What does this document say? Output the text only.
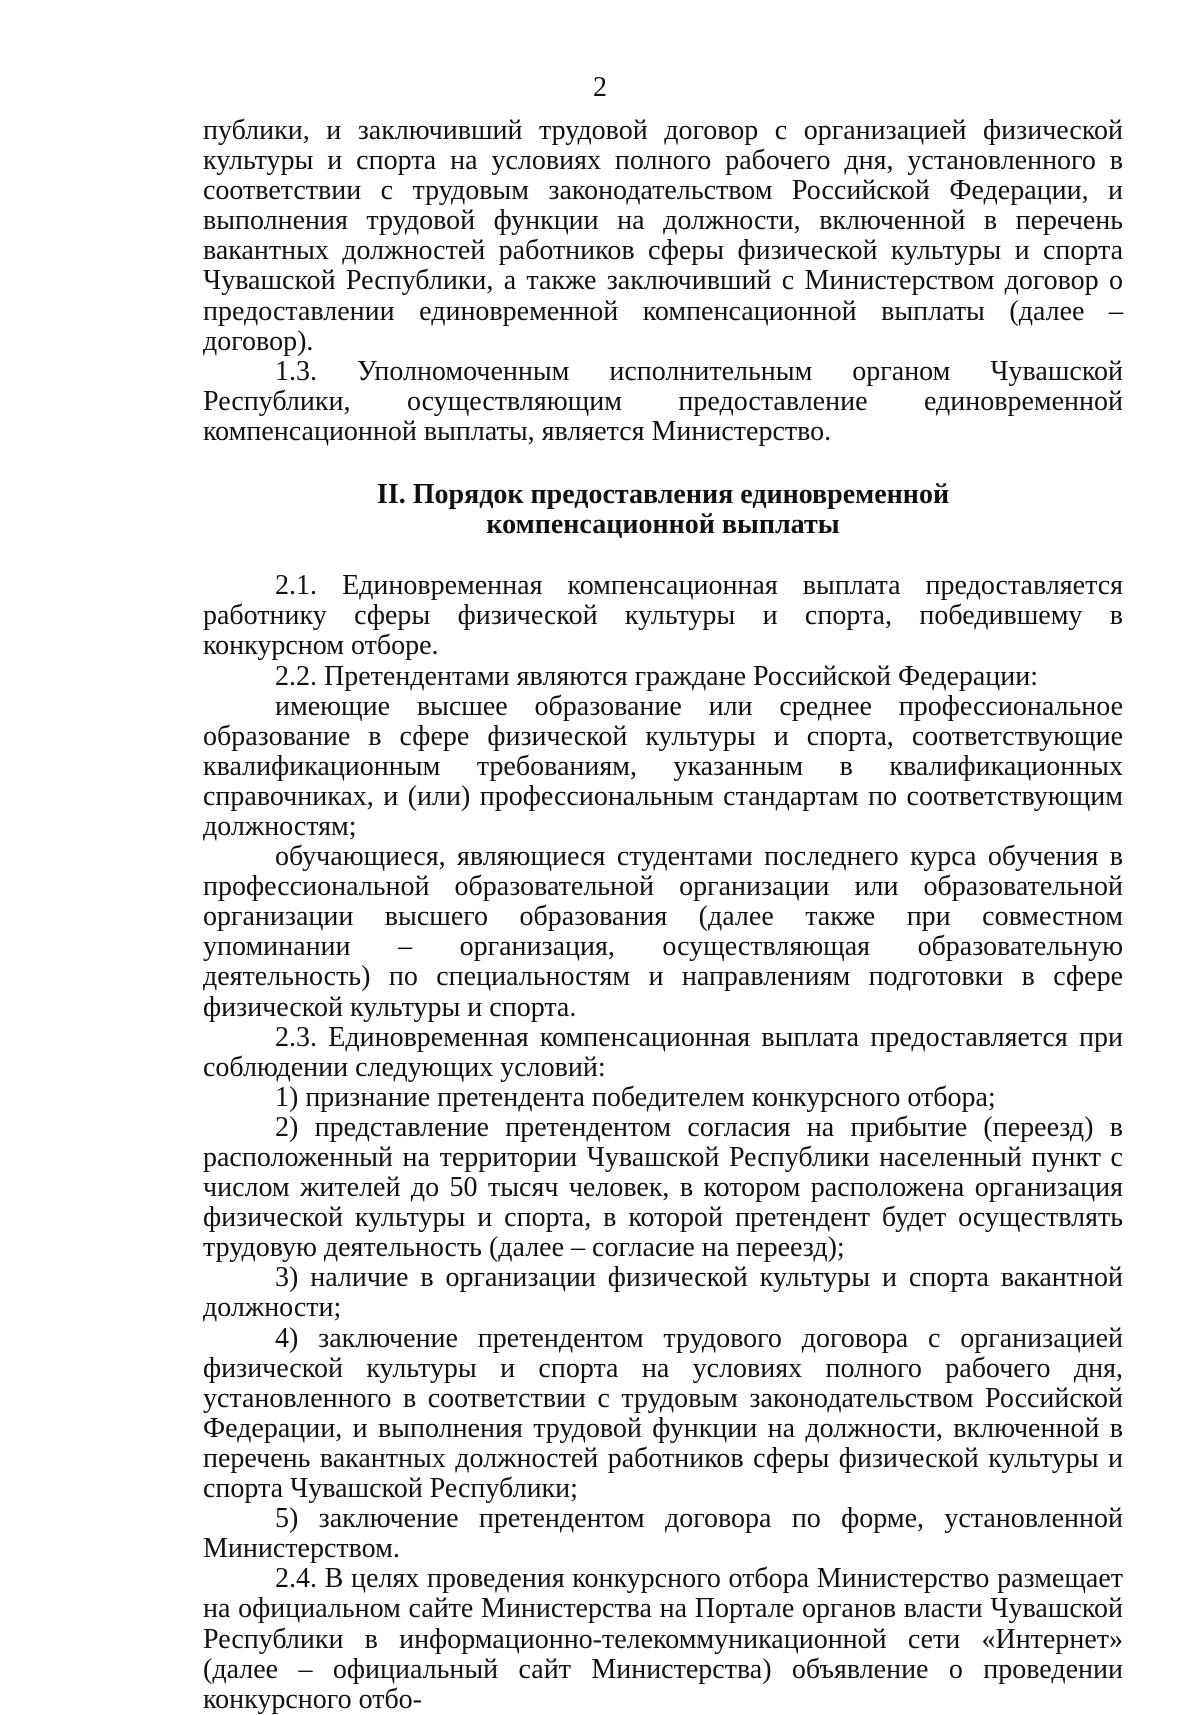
2

публики, и заключивший трудовой договор с организацией физической культуры и спорта на условиях полного рабочего дня, установленного в соответствии с трудовым законодательством Российской Федерации, и выполнения трудовой функции на должности, включенной в перечень вакантных должностей работников сферы физической культуры и спорта Чувашской Республики, а также заключивший с Министерством договор о предоставлении единовременной компенсационной выплаты (далее – договор).

1.3. Уполномоченным исполнительным органом Чувашской Республики, осуществляющим предоставление единовременной компенсационной выплаты, является Министерство.

II. Порядок предоставления единовременной
компенсационной выплаты

2.1. Единовременная компенсационная выплата предоставляется работнику сферы физической культуры и спорта, победившему в конкурсном отборе.

2.2. Претендентами являются граждане Российской Федерации:

имеющие высшее образование или среднее профессиональное образование в сфере физической культуры и спорта, соответствующие квалификационным требованиям, указанным в квалификационных справочниках, и (или) профессиональным стандартам по соответствующим должностям;

обучающиеся, являющиеся студентами последнего курса обучения в профессиональной образовательной организации или образовательной организации высшего образования (далее также при совместном упоминании – организация, осуществляющая образовательную деятельность) по специальностям и направлениям подготовки в сфере физической культуры и спорта.

2.3. Единовременная компенсационная выплата предоставляется при соблюдении следующих условий:

1) признание претендента победителем конкурсного отбора;

2) представление претендентом согласия на прибытие (переезд) в расположенный на территории Чувашской Республики населенный пункт с числом жителей до 50 тысяч человек, в котором расположена организация физической культуры и спорта, в которой претендент будет осуществлять трудовую деятельность (далее – согласие на переезд);

3) наличие в организации физической культуры и спорта вакантной должности;

4) заключение претендентом трудового договора с организацией физической культуры и спорта на условиях полного рабочего дня, установленного в соответствии с трудовым законодательством Российской Федерации, и выполнения трудовой функции на должности, включенной в перечень вакантных должностей работников сферы физической культуры и спорта Чувашской Республики;

5) заключение претендентом договора по форме, установленной Министерством.

2.4. В целях проведения конкурсного отбора Министерство размещает на официальном сайте Министерства на Портале органов власти Чувашской Республики в информационно-телекоммуникационной сети «Интернет» (далее – официальный сайт Министерства) объявление о проведении конкурсного отбо-
